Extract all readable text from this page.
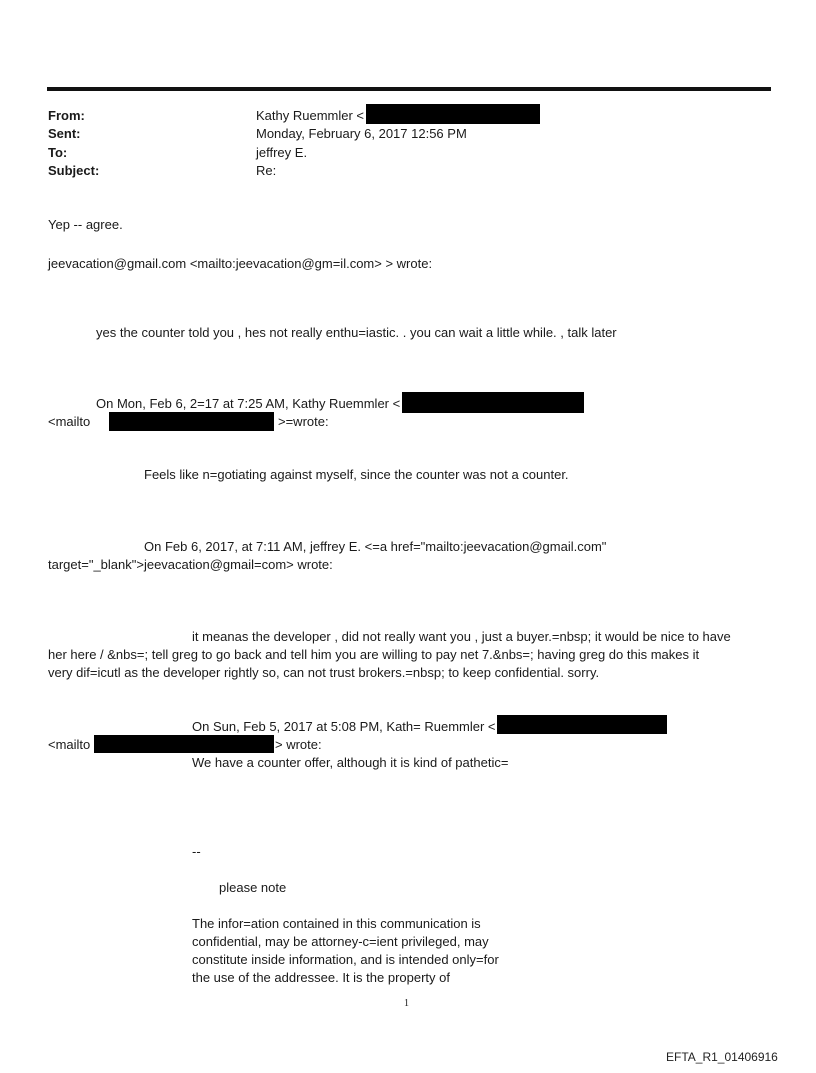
From:	Kathy Ruemmler <
Sent:	Monday, February 6, 2017 12:56 PM
To:	jeffrey E.
Subject:	Re:
Yep -- agree.
jeevacation@gmail.com <mailto:jeevacation@gm=il.com> > wrote:
yes the counter told you , hes not really enthu=iastic. . you can wait a little while. , talk later
On Mon, Feb 6, 2=17 at 7:25 AM, Kathy Ruemmler <
<mailto	>=wrote:
Feels like n=gotiating against myself, since the counter was not a counter.
On Feb 6, 2017, at 7:11 AM, jeffrey E. <=a href="mailto:jeevacation@gmail.com"
target="_blank">jeevacation@gmail=com> wrote:
it meanas the developer , did not really want you , just a buyer.=nbsp; it would be nice to have
her here / &nbs=; tell greg to go back and tell him you are willing to pay net 7.&nbs=; having greg do this makes it
very dif=icutl as the developer rightly so, can not trust brokers.=nbsp; to keep confidential. sorry.
On Sun, Feb 5, 2017 at 5:08 PM, Kath= Ruemmler <
<mailto	> wrote:
We have a counter offer, although it is kind of pathetic=
--
please note
The infor=ation contained in this communication is
confidential, may be attorney-c=ient privileged, may
constitute inside information, and is intended only=for
the use of the addressee. It is the property of
1
EFTA_R1_01406916
